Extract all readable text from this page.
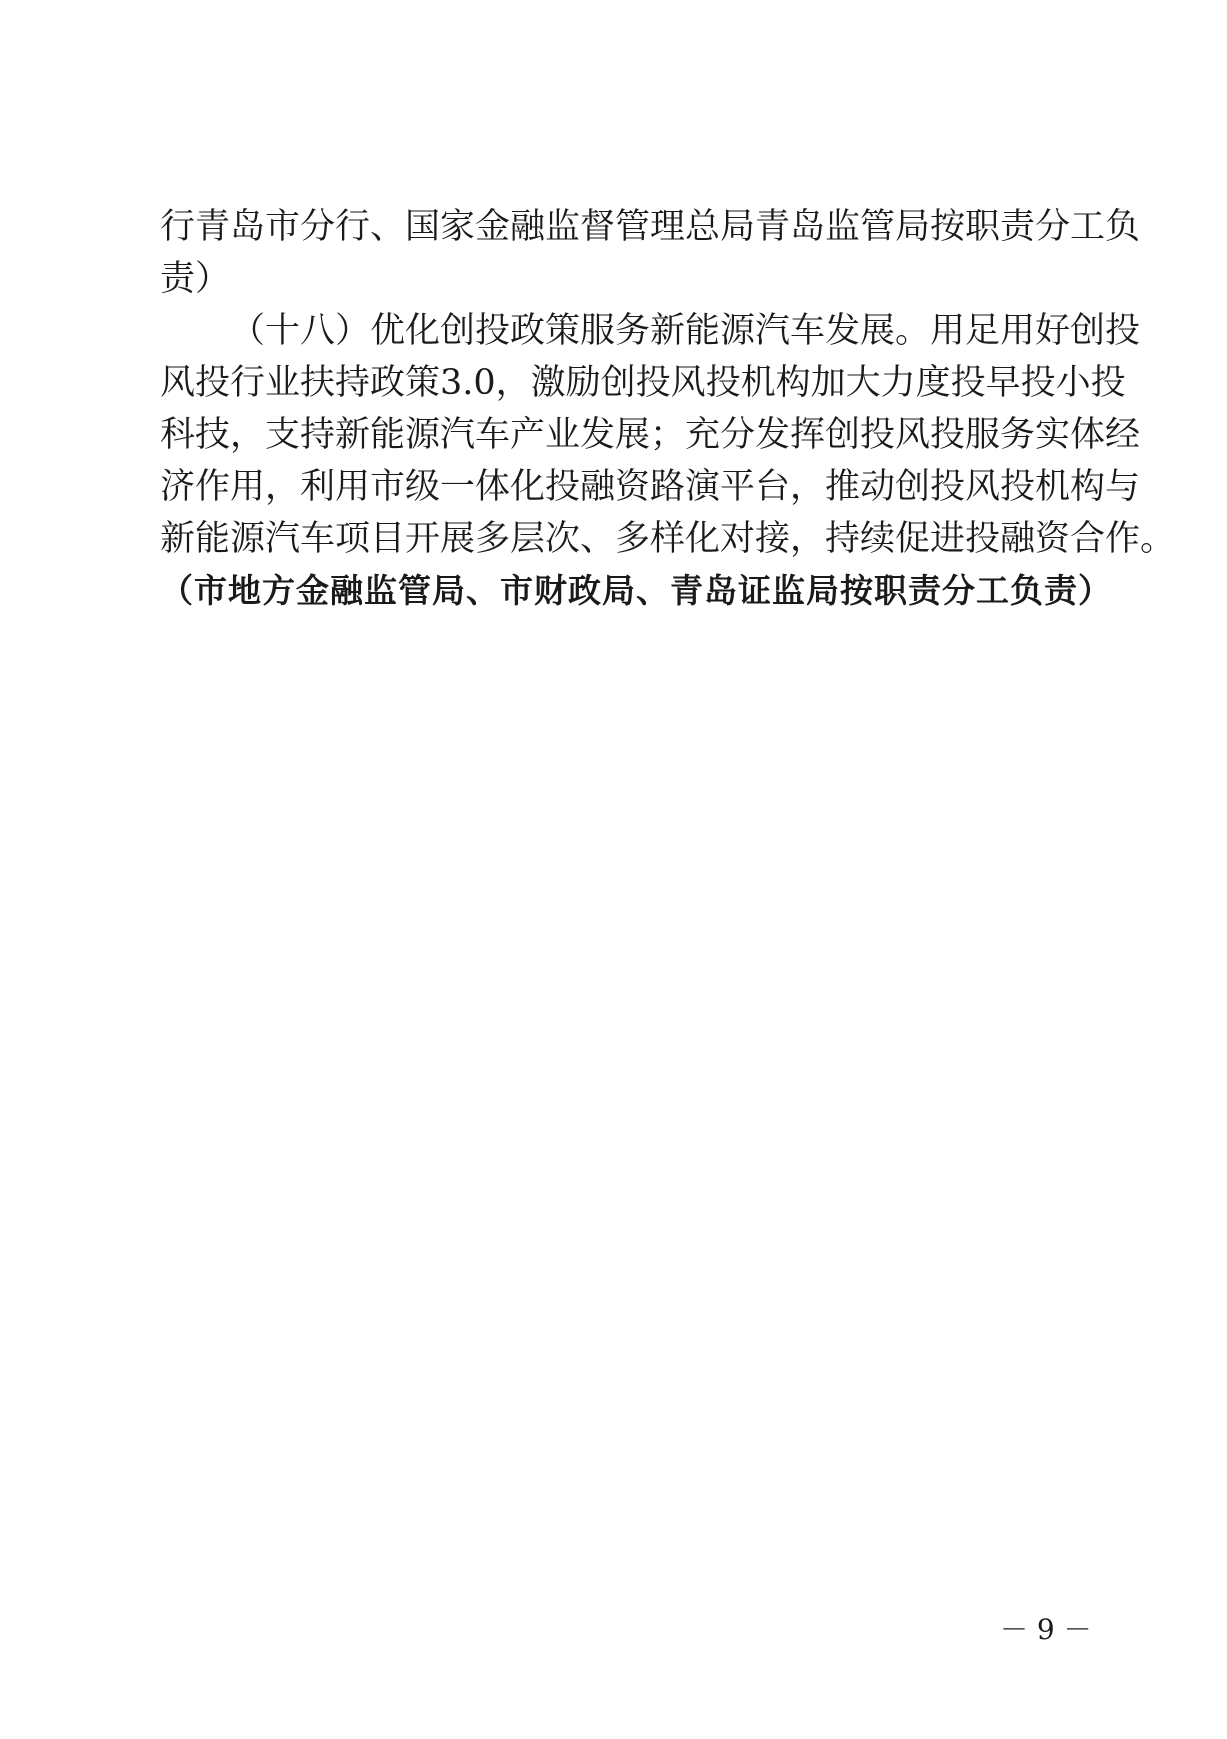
行青岛市分行、国家金融监督管理总局青岛监管局按职责分工负
责）
（十八）优化创投政策服务新能源汽车发展。用足用好创投
风投行业扶持政策3.0，激励创投风投机构加大力度投早投小投
科技，支持新能源汽车产业发展；充分发挥创投风投服务实体经
济作用，利用市级一体化投融资路演平台，推动创投风投机构与
新能源汽车项目开展多层次、多样化对接，持续促进投融资合作。
（市地方金融监管局、市财政局、青岛证监局按职责分工负责）
－ 9 －
